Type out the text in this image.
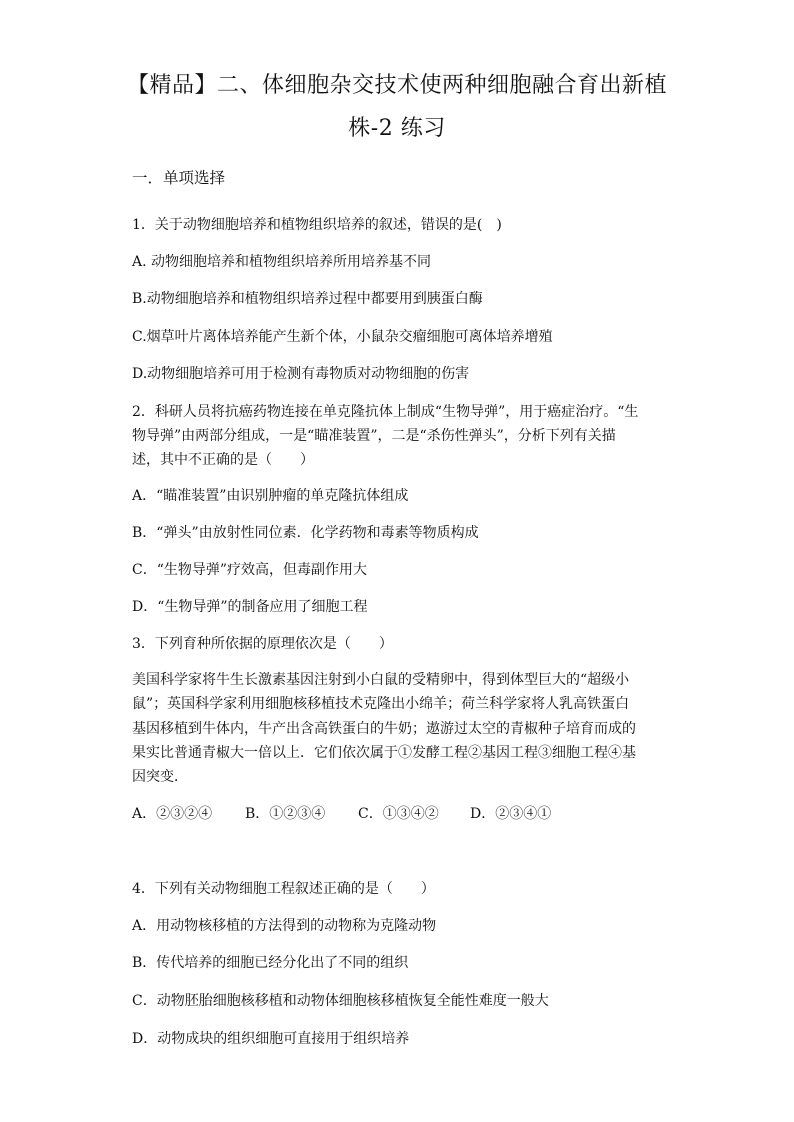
【精品】二、体细胞杂交技术使两种细胞融合育出新植
株-2 练习
一．单项选择
1．关于动物细胞培养和植物组织培养的叙述，错误的是(　)
A. 动物细胞培养和植物组织培养所用培养基不同
B.动物细胞培养和植物组织培养过程中都要用到胰蛋白酶
C.烟草叶片离体培养能产生新个体，小鼠杂交瘤细胞可离体培养增殖
D.动物细胞培养可用于检测有毒物质对动物细胞的伤害
2．科研人员将抗癌药物连接在单克隆抗体上制成“生物导弹”，用于癌症治疗。“生
物导弹”由两部分组成，一是“瞄准装置”，二是“杀伤性弹头”，分析下列有关描
述，其中不正确的是（　　）
A．“瞄准装置”由识别肿瘤的单克隆抗体组成
B．“弹头”由放射性同位素．化学药物和毒素等物质构成
C．“生物导弹”疗效高，但毒副作用大
D．“生物导弹”的制备应用了细胞工程
3．下列育种所依据的原理依次是（　　）
美国科学家将牛生长激素基因注射到小白鼠的受精卵中，得到体型巨大的“超级小
鼠”；英国科学家利用细胞核移植技术克隆出小绵羊；荷兰科学家将人乳高铁蛋白
基因移植到牛体内，牛产出含高铁蛋白的牛奶；遨游过太空的青椒种子培育而成的
果实比普通青椒大一倍以上．它们依次属于①发酵工程②基因工程③细胞工程④基
因突变．
A．②③②④ B．①②③④ C．①③④② D．②③④①
4．下列有关动物细胞工程叙述正确的是（　　）
A．用动物核移植的方法得到的动物称为克隆动物
B．传代培养的细胞已经分化出了不同的组织
C．动物胚胎细胞核移植和动物体细胞核移植恢复全能性难度一般大
D．动物成块的组织细胞可直接用于组织培养
